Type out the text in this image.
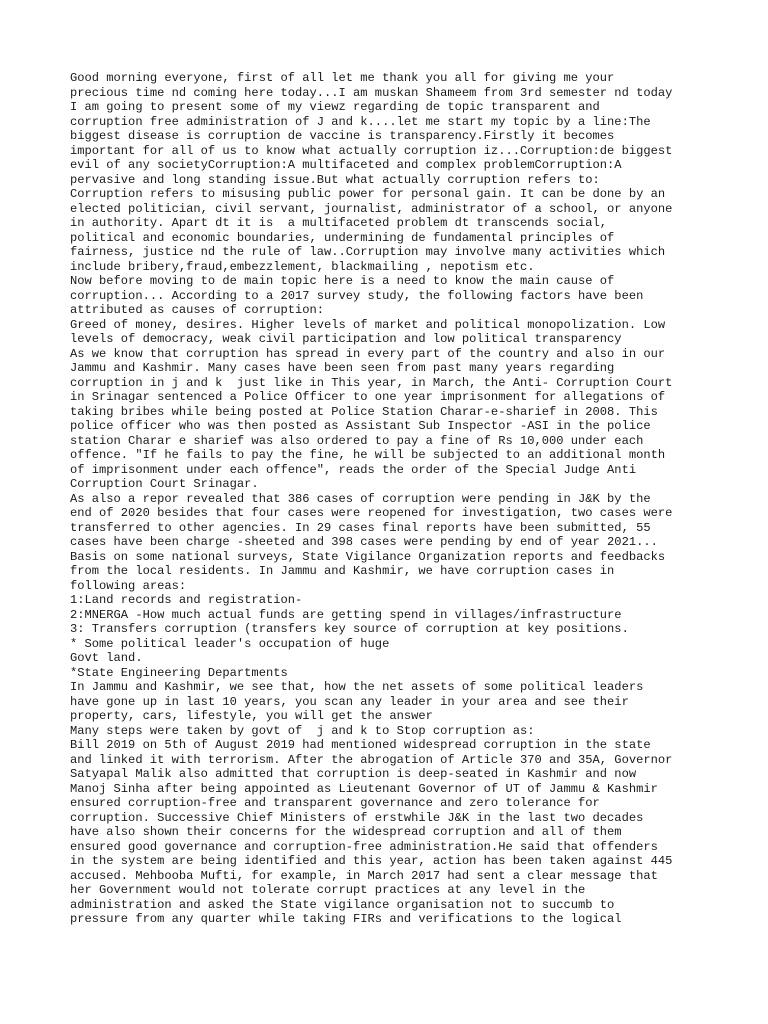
Good morning everyone, first of all let me thank you all for giving me your
precious time nd coming here today...I am muskan Shameem from 3rd semester nd today
I am going to present some of my viewz regarding de topic transparent and
corruption free administration of J and k....let me start my topic by a line:The
biggest disease is corruption de vaccine is transparency.Firstly it becomes
important for all of us to know what actually corruption iz...Corruption:de biggest
evil of any societyCorruption:A multifaceted and complex problemCorruption:A
pervasive and long standing issue.But what actually corruption refers to:
Corruption refers to misusing public power for personal gain. It can be done by an
elected politician, civil servant, journalist, administrator of a school, or anyone
in authority. Apart dt it is  a multifaceted problem dt transcends social,
political and economic boundaries, undermining de fundamental principles of
fairness, justice nd the rule of law..Corruption may involve many activities which
include bribery,fraud,embezzlement, blackmailing , nepotism etc.
Now before moving to de main topic here is a need to know the main cause of
corruption... According to a 2017 survey study, the following factors have been
attributed as causes of corruption:
Greed of money, desires. Higher levels of market and political monopolization. Low
levels of democracy, weak civil participation and low political transparency
As we know that corruption has spread in every part of the country and also in our
Jammu and Kashmir. Many cases have been seen from past many years regarding
corruption in j and k  just like in This year, in March, the Anti- Corruption Court
in Srinagar sentenced a Police Officer to one year imprisonment for allegations of
taking bribes while being posted at Police Station Charar-e-sharief in 2008. This
police officer who was then posted as Assistant Sub Inspector -ASI in the police
station Charar e sharief was also ordered to pay a fine of Rs 10,000 under each
offence. "If he fails to pay the fine, he will be subjected to an additional month
of imprisonment under each offence", reads the order of the Special Judge Anti
Corruption Court Srinagar.
As also a repor revealed that 386 cases of corruption were pending in J&K by the
end of 2020 besides that four cases were reopened for investigation, two cases were
transferred to other agencies. In 29 cases final reports have been submitted, 55
cases have been charge -sheeted and 398 cases were pending by end of year 2021...
Basis on some national surveys, State Vigilance Organization reports and feedbacks
from the local residents. In Jammu and Kashmir, we have corruption cases in
following areas:
1:Land records and registration-
2:MNERGA -How much actual funds are getting spend in villages/infrastructure
3: Transfers corruption (transfers key source of corruption at key positions.
* Some political leader's occupation of huge
Govt land.
*State Engineering Departments
In Jammu and Kashmir, we see that, how the net assets of some political leaders
have gone up in last 10 years, you scan any leader in your area and see their
property, cars, lifestyle, you will get the answer
Many steps were taken by govt of  j and k to Stop corruption as:
Bill 2019 on 5th of August 2019 had mentioned widespread corruption in the state
and linked it with terrorism. After the abrogation of Article 370 and 35A, Governor
Satyapal Malik also admitted that corruption is deep-seated in Kashmir and now
Manoj Sinha after being appointed as Lieutenant Governor of UT of Jammu & Kashmir
ensured corruption-free and transparent governance and zero tolerance for
corruption. Successive Chief Ministers of erstwhile J&K in the last two decades
have also shown their concerns for the widespread corruption and all of them
ensured good governance and corruption-free administration.He said that offenders
in the system are being identified and this year, action has been taken against 445
accused. Mehbooba Mufti, for example, in March 2017 had sent a clear message that
her Government would not tolerate corrupt practices at any level in the
administration and asked the State vigilance organisation not to succumb to
pressure from any quarter while taking FIRs and verifications to the logical
